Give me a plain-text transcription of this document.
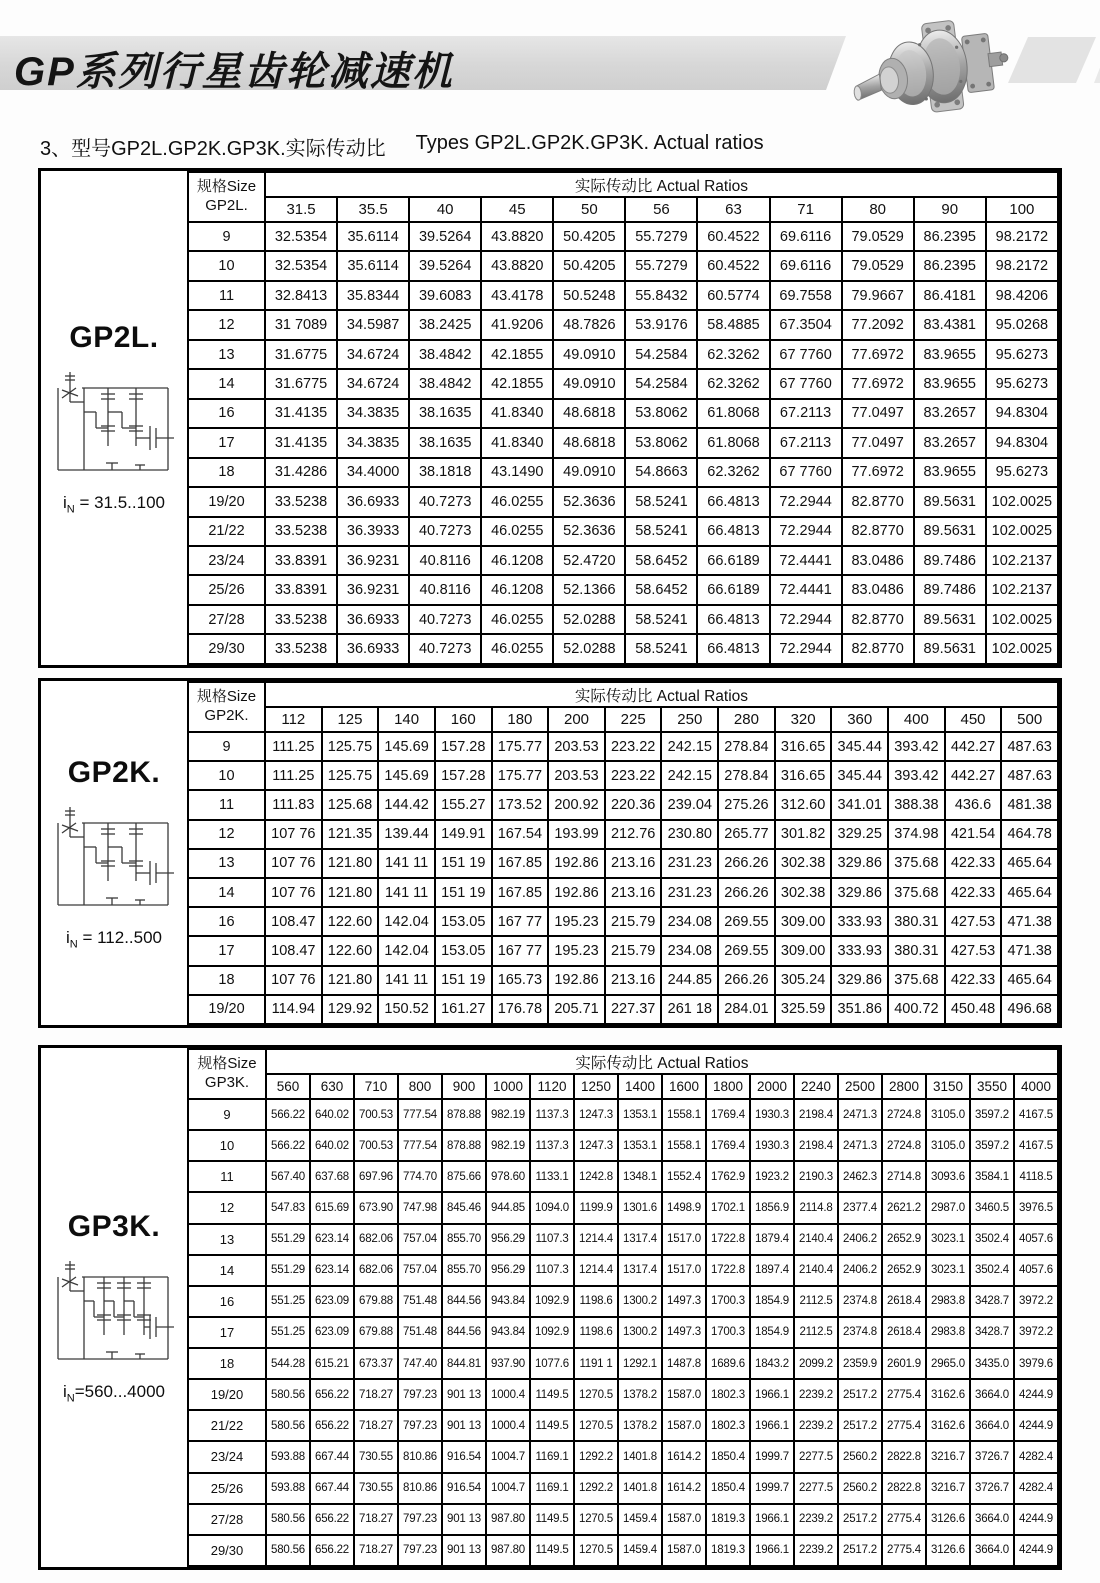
GP系列行星齿轮减速机
3、型号GP2L.GP2K.GP3K.实际传动比 Types GP2L.GP2K.GP3K. Actual ratios
GP2L.
$i_N = 31.5..100$
规格Size
GP2L.	实际传动比 Actual Ratios										
	31.5	35.5	40	45	50	56	63	71	80	90	100
9	32.5354	35.6114	39.5264	43.8820	50.4205	55.7279	60.4522	69.6116	79.0529	86.2395	98.2172
10	32.5354	35.6114	39.5264	43.8820	50.4205	55.7279	60.4522	69.6116	79.0529	86.2395	98.2172
11	32.8413	35.8344	39.6083	43.4178	50.5248	55.8432	60.5774	69.7558	79.9667	86.4181	98.4206
12	31 7089	34.5987	38.2425	41.9206	48.7826	53.9176	58.4885	67.3504	77.2092	83.4381	95.0268
13	31.6775	34.6724	38.4842	42.1855	49.0910	54.2584	62.3262	67 7760	77.6972	83.9655	95.6273
14	31.6775	34.6724	38.4842	42.1855	49.0910	54.2584	62.3262	67 7760	77.6972	83.9655	95.6273
16	31.4135	34.3835	38.1635	41.8340	48.6818	53.8062	61.8068	67.2113	77.0497	83.2657	94.8304
17	31.4135	34.3835	38.1635	41.8340	48.6818	53.8062	61.8068	67.2113	77.0497	83.2657	94.8304
18	31.4286	34.4000	38.1818	43.1490	49.0910	54.8663	62.3262	67 7760	77.6972	83.9655	95.6273
19/20	33.5238	36.6933	40.7273	46.0255	52.3636	58.5241	66.4813	72.2944	82.8770	89.5631	102.0025
21/22	33.5238	36.3933	40.7273	46.0255	52.3636	58.5241	66.4813	72.2944	82.8770	89.5631	102.0025
23/24	33.8391	36.9231	40.8116	46.1208	52.4720	58.6452	66.6189	72.4441	83.0486	89.7486	102.2137
25/26	33.8391	36.9231	40.8116	46.1208	52.1366	58.6452	66.6189	72.4441	83.0486	89.7486	102.2137
27/28	33.5238	36.6933	40.7273	46.0255	52.0288	58.5241	66.4813	72.2944	82.8770	89.5631	102.0025
29/30	33.5238	36.6933	40.7273	46.0255	52.0288	58.5241	66.4813	72.2944	82.8770	89.5631	102.0025
GP2K.
$i_N = 112..500$
规格Size
GP2K.	实际传动比 Actual Ratios													
	112	125	140	160	180	200	225	250	280	320	360	400	450	500
9	111.25	125.75	145.69	157.28	175.77	203.53	223.22	242.15	278.84	316.65	345.44	393.42	442.27	487.63
10	111.25	125.75	145.69	157.28	175.77	203.53	223.22	242.15	278.84	316.65	345.44	393.42	442.27	487.63
11	111.83	125.68	144.42	155.27	173.52	200.92	220.36	239.04	275.26	312.60	341.01	388.38	436.6	481.38
12	107 76	121.35	139.44	149.91	167.54	193.99	212.76	230.80	265.77	301.82	329.25	374.98	421.54	464.78
13	107 76	121.80	141 11	151 19	167.85	192.86	213.16	231.23	266.26	302.38	329.86	375.68	422.33	465.64
14	107 76	121.80	141 11	151 19	167.85	192.86	213.16	231.23	266.26	302.38	329.86	375.68	422.33	465.64
16	108.47	122.60	142.04	153.05	167 77	195.23	215.79	234.08	269.55	309.00	333.93	380.31	427.53	471.38
17	108.47	122.60	142.04	153.05	167 77	195.23	215.79	234.08	269.55	309.00	333.93	380.31	427.53	471.38
18	107 76	121.80	141 11	151 19	165.73	192.86	213.16	244.85	266.26	305.24	329.86	375.68	422.33	465.64
19/20	114.94	129.92	150.52	161.27	176.78	205.71	227.37	261 18	284.01	325.59	351.86	400.72	450.48	496.68
GP3K.
$i_N=560...4000$
规格Size
GP3K.	实际传动比 Actual Ratios																	
	560	630	710	800	900	1000	1120	1250	1400	1600	1800	2000	2240	2500	2800	3150	3550	4000
9	566.22	640.02	700.53	777.54	878.88	982.19	1137.3	1247.3	1353.1	1558.1	1769.4	1930.3	2198.4	2471.3	2724.8	3105.0	3597.2	4167.5
10	566.22	640.02	700.53	777.54	878.88	982.19	1137.3	1247.3	1353.1	1558.1	1769.4	1930.3	2198.4	2471.3	2724.8	3105.0	3597.2	4167.5
11	567.40	637.68	697.96	774.70	875.66	978.60	1133.1	1242.8	1348.1	1552.4	1762.9	1923.2	2190.3	2462.3	2714.8	3093.6	3584.1	4118.5
12	547.83	615.69	673.90	747.98	845.46	944.85	1094.0	1199.9	1301.6	1498.9	1702.1	1856.9	2114.8	2377.4	2621.2	2987.0	3460.5	3976.5
13	551.29	623.14	682.06	757.04	855.70	956.29	1107.3	1214.4	1317.4	1517.0	1722.8	1879.4	2140.4	2406.2	2652.9	3023.1	3502.4	4057.6
14	551.29	623.14	682.06	757.04	855.70	956.29	1107.3	1214.4	1317.4	1517.0	1722.8	1897.4	2140.4	2406.2	2652.9	3023.1	3502.4	4057.6
16	551.25	623.09	679.88	751.48	844.56	943.84	1092.9	1198.6	1300.2	1497.3	1700.3	1854.9	2112.5	2374.8	2618.4	2983.8	3428.7	3972.2
17	551.25	623.09	679.88	751.48	844.56	943.84	1092.9	1198.6	1300.2	1497.3	1700.3	1854.9	2112.5	2374.8	2618.4	2983.8	3428.7	3972.2
18	544.28	615.21	673.37	747.40	844.81	937.90	1077.6	1191 1	1292.1	1487.8	1689.6	1843.2	2099.2	2359.9	2601.9	2965.0	3435.0	3979.6
19/20	580.56	656.22	718.27	797.23	901 13	1000.4	1149.5	1270.5	1378.2	1587.0	1802.3	1966.1	2239.2	2517.2	2775.4	3162.6	3664.0	4244.9
21/22	580.56	656.22	718.27	797.23	901 13	1000.4	1149.5	1270.5	1378.2	1587.0	1802.3	1966.1	2239.2	2517.2	2775.4	3162.6	3664.0	4244.9
23/24	593.88	667.44	730.55	810.86	916.54	1004.7	1169.1	1292.2	1401.8	1614.2	1850.4	1999.7	2277.5	2560.2	2822.8	3216.7	3726.7	4282.4
25/26	593.88	667.44	730.55	810.86	916.54	1004.7	1169.1	1292.2	1401.8	1614.2	1850.4	1999.7	2277.5	2560.2	2822.8	3216.7	3726.7	4282.4
27/28	580.56	656.22	718.27	797.23	901 13	987.80	1149.5	1270.5	1459.4	1587.0	1819.3	1966.1	2239.2	2517.2	2775.4	3126.6	3664.0	4244.9
29/30	580.56	656.22	718.27	797.23	901 13	987.80	1149.5	1270.5	1459.4	1587.0	1819.3	1966.1	2239.2	2517.2	2775.4	3126.6	3664.0	4244.9
